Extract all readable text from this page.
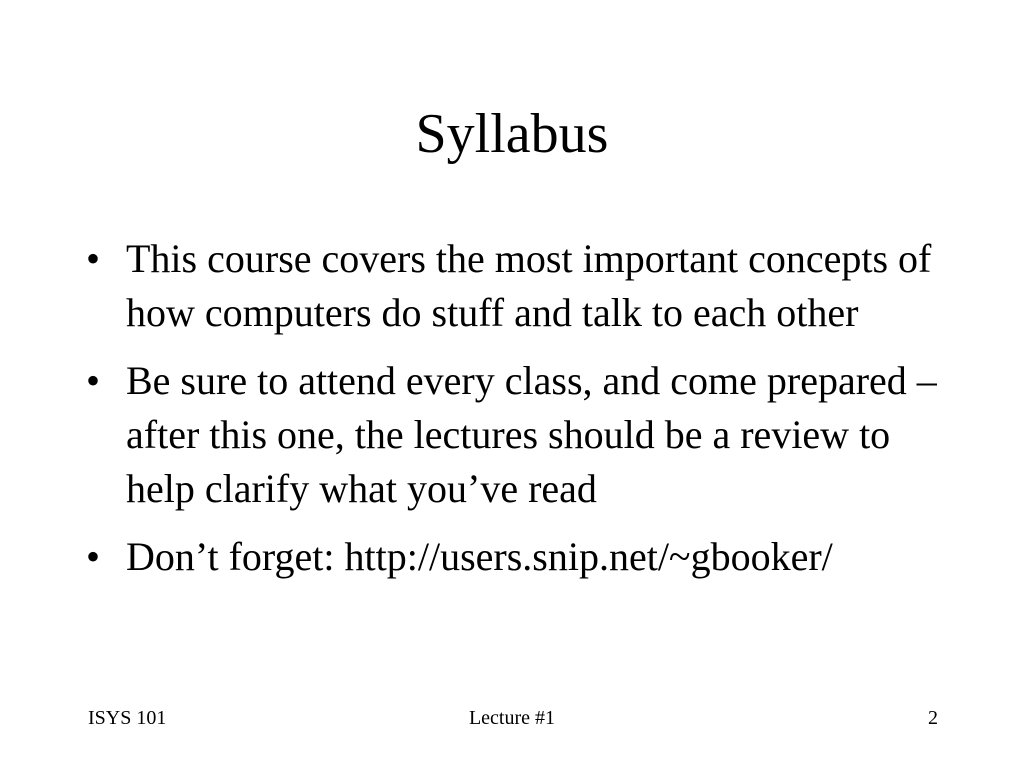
Syllabus
• This course covers the most important concepts of how computers do stuff and talk to each other
• Be sure to attend every class, and come prepared – after this one, the lectures should be a review to help clarify what you’ve read
• Don’t forget: http://users.snip.net/~gbooker/
ISYS 101	Lecture #1	2
